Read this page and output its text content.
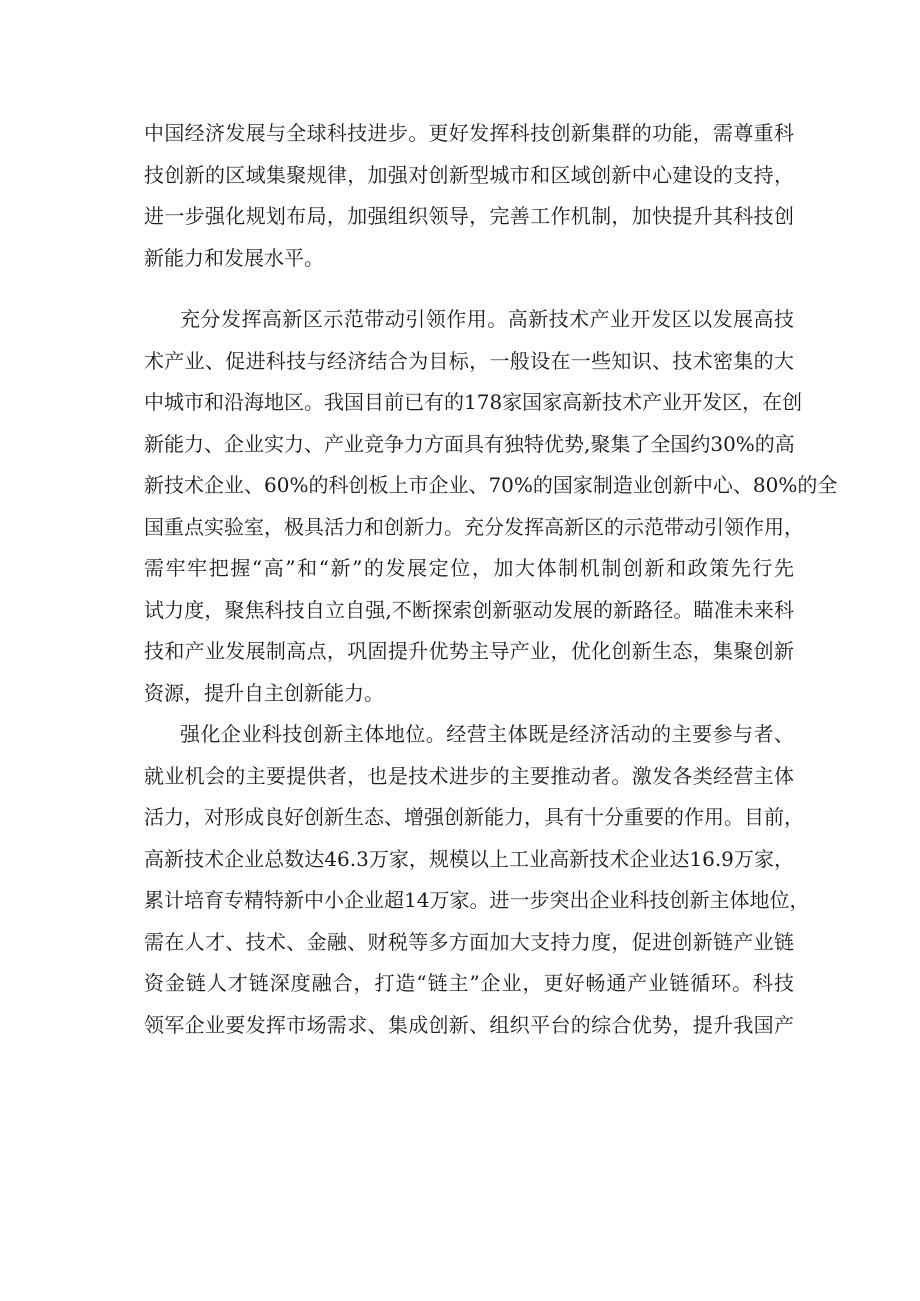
中国经济发展与全球科技进步。更好发挥科技创新集群的功能，需尊重科
技创新的区域集聚规律，加强对创新型城市和区域创新中心建设的支持，
进一步强化规划布局，加强组织领导，完善工作机制，加快提升其科技创
新能力和发展水平。
充分发挥高新区示范带动引领作用。高新技术产业开发区以发展高技
术产业、促进科技与经济结合为目标，一般设在一些知识、技术密集的大
中城市和沿海地区。我国目前已有的178家国家高新技术产业开发区，在创
新能力、企业实力、产业竞争力方面具有独特优势,聚集了全国约30%的高
新技术企业、60%的科创板上市企业、70%的国家制造业创新中心、80%的全
国重点实验室，极具活力和创新力。充分发挥高新区的示范带动引领作用，
需牢牢把握“高”和“新”的发展定位，加大体制机制创新和政策先行先
试力度，聚焦科技自立自强,不断探索创新驱动发展的新路径。瞄准未来科
技和产业发展制高点，巩固提升优势主导产业，优化创新生态，集聚创新
资源，提升自主创新能力。
强化企业科技创新主体地位。经营主体既是经济活动的主要参与者、
就业机会的主要提供者，也是技术进步的主要推动者。激发各类经营主体
活力，对形成良好创新生态、增强创新能力，具有十分重要的作用。目前，
高新技术企业总数达46.3万家，规模以上工业高新技术企业达16.9万家，
累计培育专精特新中小企业超14万家。进一步突出企业科技创新主体地位，
需在人才、技术、金融、财税等多方面加大支持力度，促进创新链产业链
资金链人才链深度融合，打造“链主”企业，更好畅通产业链循环。科技
领军企业要发挥市场需求、集成创新、组织平台的综合优势，提升我国产
